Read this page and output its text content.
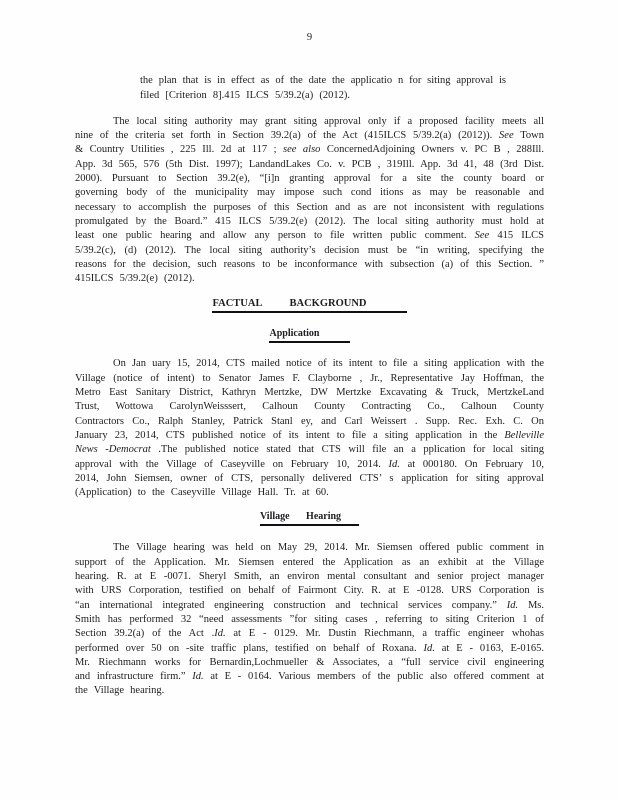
9
the plan that is in effect as of the date the applicatio n for siting approval is
filed [Criterion 8].415 ILCS 5/39.2(a) (2012).
The local siting authority may grant siting approval only if a proposed facility meets all
nine of the criteria set forth in Section 39.2(a) of the Act (415ILCS 5/39.2(a) (2012)). See Town
& Country Utilities , 225 Ill. 2d at 117 ; see also ConcernedAdjoining Owners v. PC B , 288Ill.
App. 3d 565, 576 (5th Dist. 1997); LandandLakes Co. v. PCB , 319Ill. App. 3d 41, 48 (3rd Dist.
2000). Pursuant to Section 39.2(e), “[i]n granting approval for a site the county board or
governing body of the municipality may impose such cond itions as may be reasonable and
necessary to accomplish the purposes of this Section and as are not inconsistent with regulations
promulgated by the Board.” 415 ILCS 5/39.2(e) (2012). The local siting authority must hold at
least one public hearing and allow any person to file written public comment. See 415 ILCS
5/39.2(c), (d) (2012). The local siting authority’s decision must be “in writing, specifying the
reasons for the decision, such reasons to be inconformance with subsection (a) of this Section. ”
415ILCS 5/39.2(e) (2012).
FACTUAL BACKGROUND
Application
On Jan uary 15, 2014, CTS mailed notice of its intent to file a siting application with the
Village (notice of intent) to Senator James F. Clayborne , Jr., Representative Jay Hoffman, the
Metro East Sanitary District, Kathryn Mertzke, DW Mertzke Excavating & Truck, MertzkeLand
Trust, Wottowa CarolynWeisssert, Calhoun County Contracting Co., Calhoun County
Contractors Co., Ralph Stanley, Patrick Stanl ey, and Carl Weissert . Supp. Rec. Exh. C. On
January 23, 2014, CTS published notice of its intent to file a siting application in the Belleville
News -Democrat .The published notice stated that CTS will file an a pplication for local siting
approval with the Village of Caseyville on February 10, 2014. Id. at 000180. On February 10,
2014, John Siemsen, owner of CTS, personally delivered CTS’ s application for siting approval
(Application) to the Caseyville Village Hall. Tr. at 60.
Village Hearing
The Village hearing was held on May 29, 2014. Mr. Siemsen offered public comment in
support of the Application. Mr. Siemsen entered the Application as an exhibit at the Village
hearing. R. at E -0071. Sheryl Smith, an environ mental consultant and senior project manager
with URS Corporation, testified on behalf of Fairmont City. R. at E -0128. URS Corporation is
“an international integrated engineering construction and technical services company.” Id. Ms.
Smith has performed 32 “need assessments ”for siting cases , referring to siting Criterion 1 of
Section 39.2(a) of the Act .Id. at E - 0129. Mr. Dustin Riechmann, a traffic engineer whohas
performed over 50 on -site traffic plans, testified on behalf of Roxana. Id. at E - 0163, E-0165.
Mr. Riechmann works for Bernardin,Lochmueller & Associates, a “full service civil engineering
and infrastructure firm.” Id. at E - 0164. Various members of the public also offered comment at
the Village hearing.
